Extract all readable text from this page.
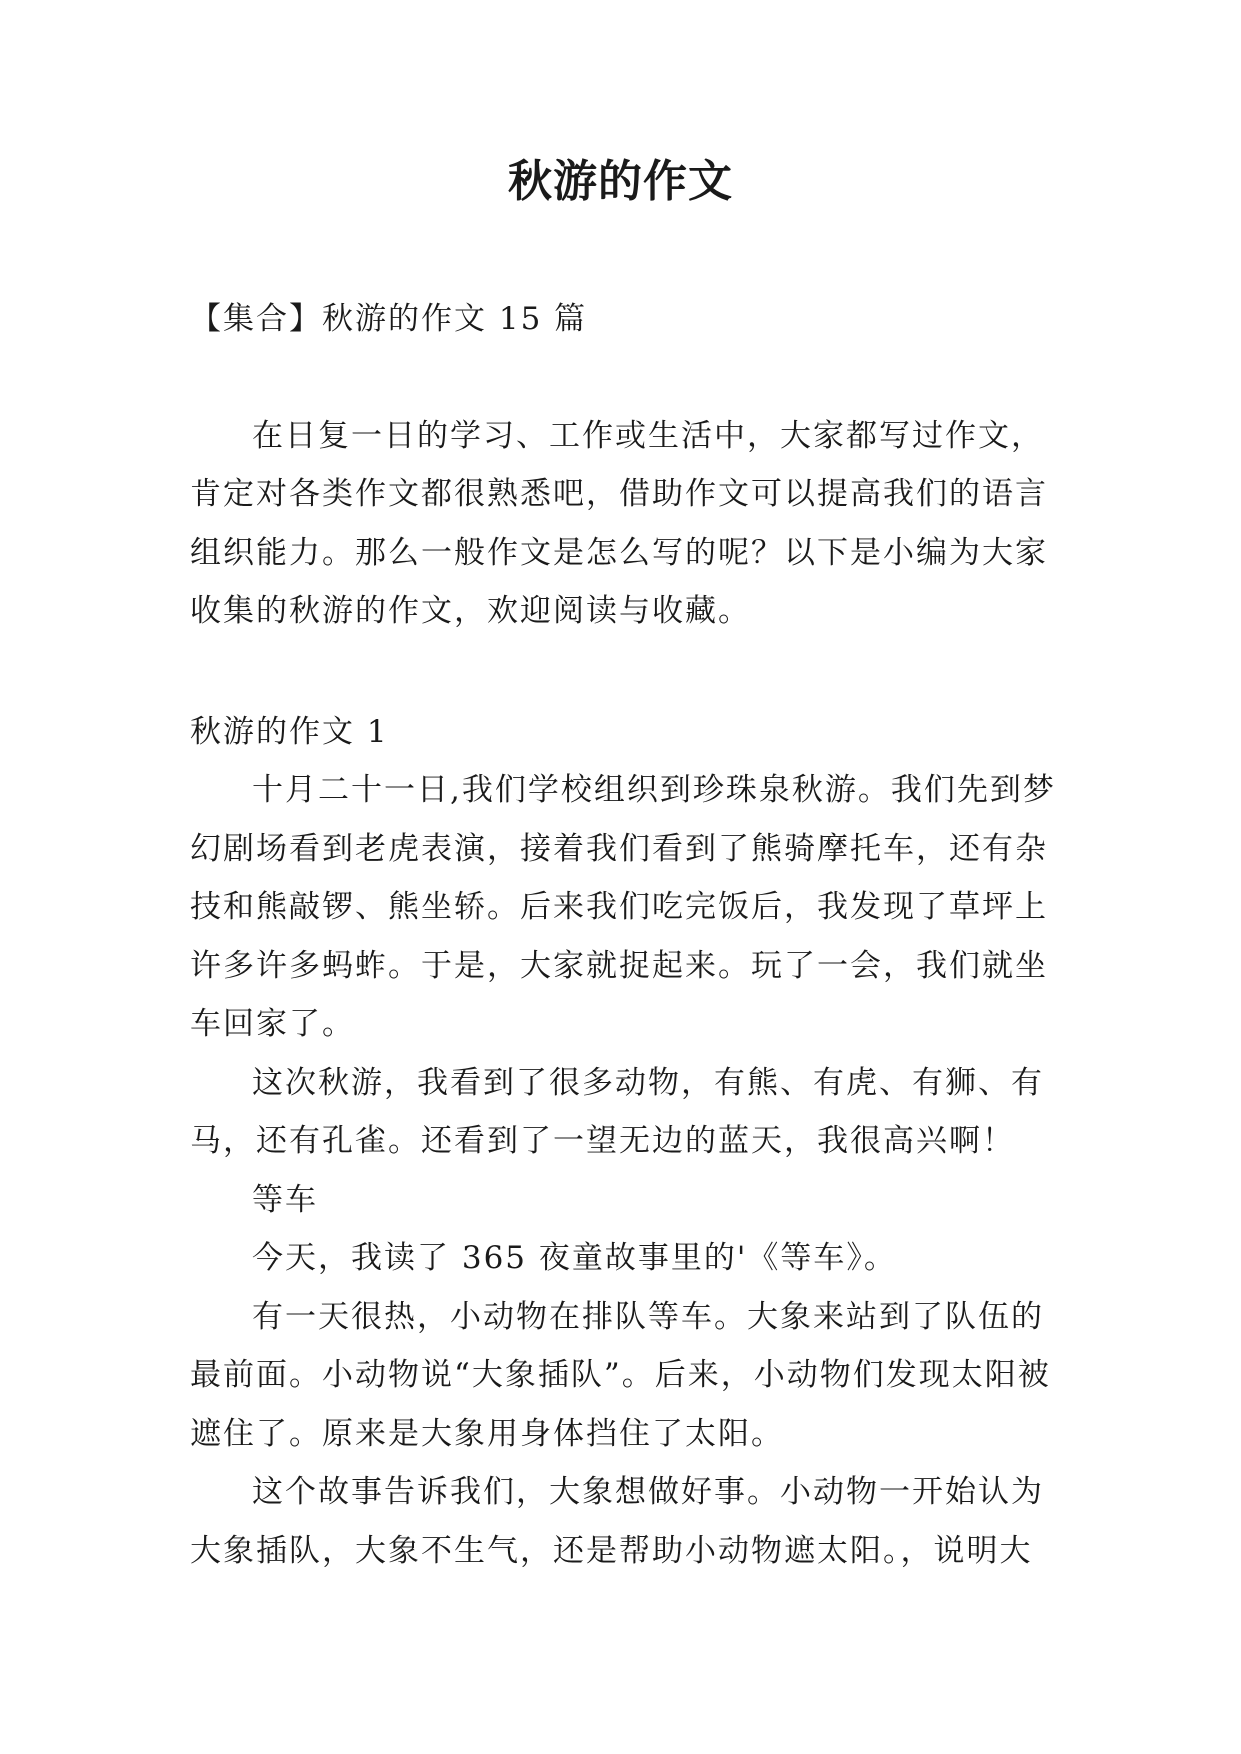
秋游的作文

【集合】秋游的作文 15 篇

在日复一日的学习、工作或生活中，大家都写过作文，肯定对各类作文都很熟悉吧，借助作文可以提高我们的语言组织能力。那么一般作文是怎么写的呢？以下是小编为大家收集的秋游的作文，欢迎阅读与收藏。

秋游的作文 1

十月二十一日,我们学校组织到珍珠泉秋游。我们先到梦幻剧场看到老虎表演，接着我们看到了熊骑摩托车，还有杂技和熊敲锣、熊坐轿。后来我们吃完饭后，我发现了草坪上许多许多蚂蚱。于是，大家就捉起来。玩了一会，我们就坐车回家了。

这次秋游，我看到了很多动物，有熊、有虎、有狮、有马，还有孔雀。还看到了一望无边的蓝天，我很高兴啊！

等车

今天，我读了 365 夜童故事里的'《等车》。

有一天很热，小动物在排队等车。大象来站到了队伍的最前面。小动物说“大象插队”。后来，小动物们发现太阳被遮住了。原来是大象用身体挡住了太阳。

这个故事告诉我们，大象想做好事。小动物一开始认为大象插队，大象不生气，还是帮助小动物遮太阳。，说明大
